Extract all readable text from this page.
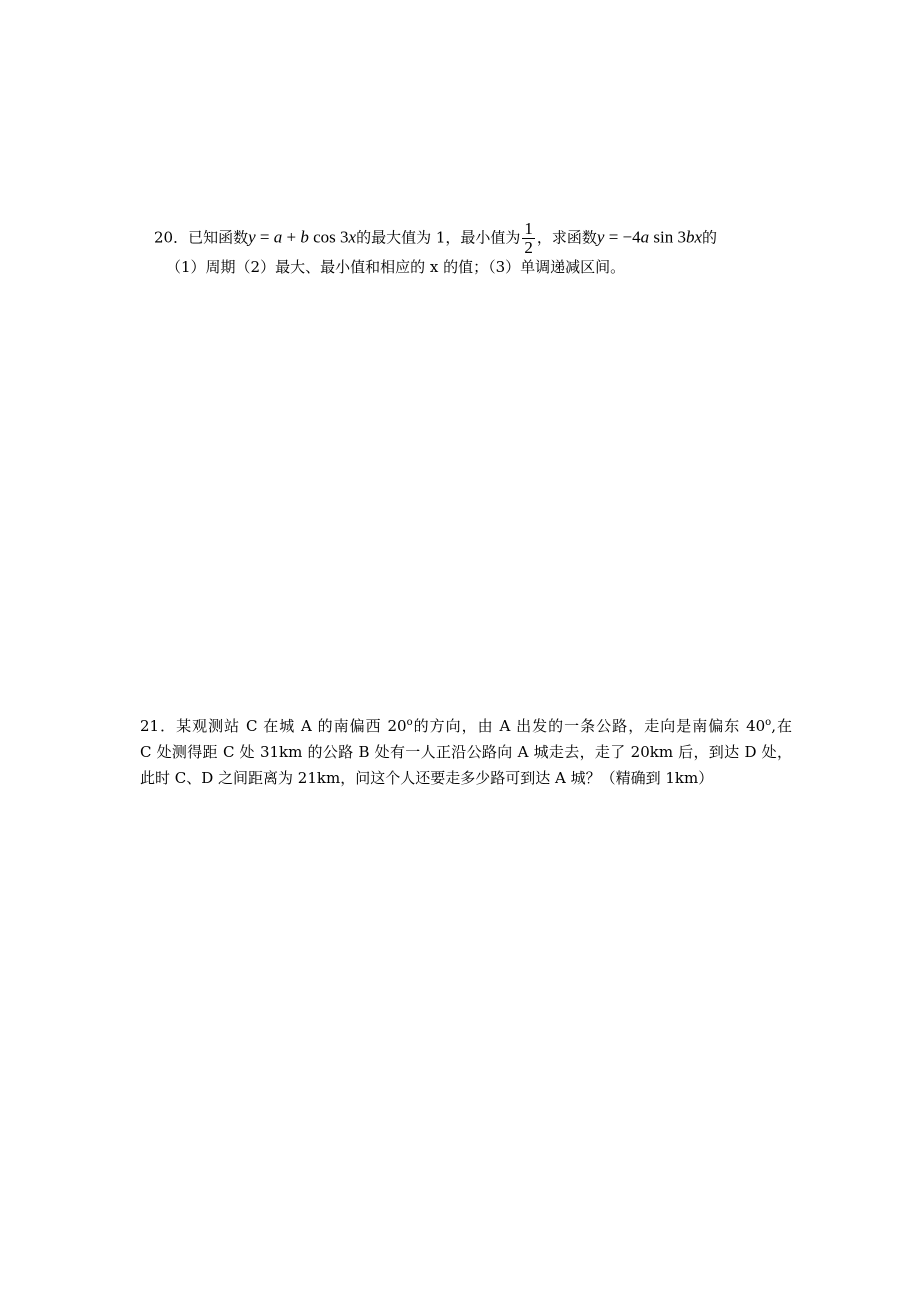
20．已知函数y = a + b cos 3x的最大值为 1，最小值为 $\frac{1}{2}$ ，求函数y = −4a sin 3bx的
（1）周期（2）最大、最小值和相应的 x 的值；（3）单调递减区间。
21．某观测站 C 在城 A 的南偏西 20$^o$的方向，由 A 出发的一条公路，走向是南偏东 40$^o$,在
C 处测得距 C 处 31km 的公路 B 处有一人正沿公路向 A 城走去，走了 20km 后，到达 D 处，
此时 C、D 之间距离为 21km，问这个人还要走多少路可到达 A 城？（精确到 1km）
